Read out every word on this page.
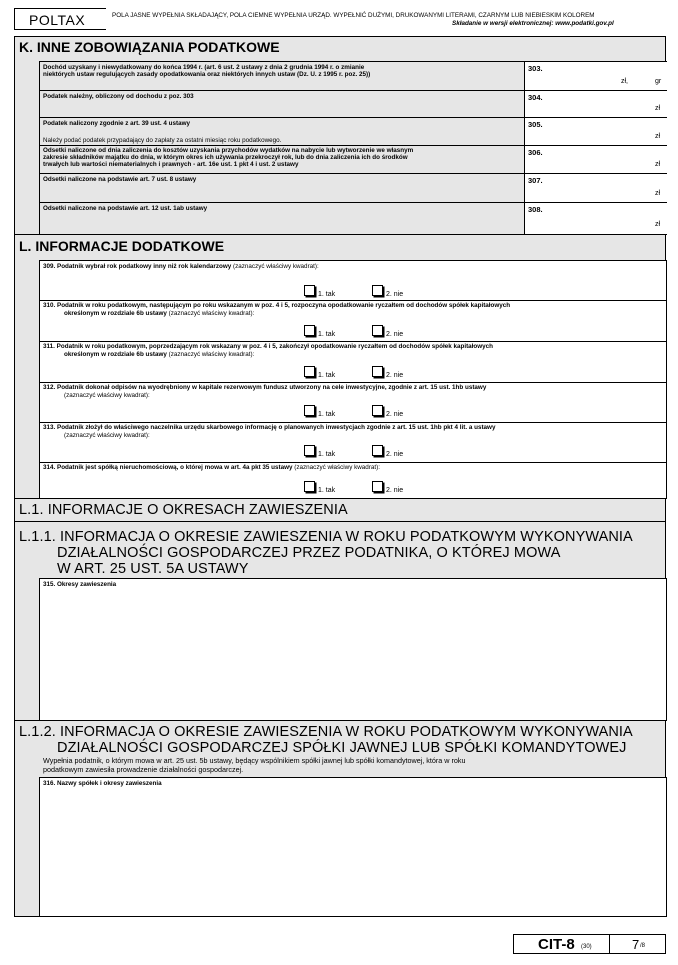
POLTAX	POLA JASNE WYPEŁNIA SKŁADAJĄCY, POLA CIEMNE WYPEŁNIA URZĄD. WYPEŁNIĆ DUŻYMI, DRUKOWANYMI LITERAMI, CZARNYM LUB NIEBIESKIM KOLOREM
Składanie w wersji elektronicznej: www.podatki.gov.pl
K. INNE ZOBOWIĄZANIA PODATKOWE
Dochód uzyskany i niewydatkowany do końca 1994 r. (art. 6 ust. 2 ustawy z dnia 2 grudnia 1994 r. o zmianie
niektórych ustaw regulujących zasady opodatkowania oraz niektórych innych ustaw (Dz. U. z 1995 r. poz. 25))
303.
zł,	gr
Podatek należny, obliczony od dochodu z poz. 303	304.
zł
Podatek naliczony zgodnie z art. 39 ust. 4 ustawy
Należy podać podatek przypadający do zapłaty za ostatni miesiąc roku podatkowego.
305.
zł
Odsetki naliczone od dnia zaliczenia do kosztów uzyskania przychodów wydatków na nabycie lub wytworzenie we własnym
zakresie składników majątku do dnia, w którym okres ich używania przekroczył rok, lub do dnia zaliczenia ich do środków
trwałych lub wartości niematerialnych i prawnych - art. 16e ust. 1 pkt 4 i ust. 2 ustawy
306.
zł
Odsetki naliczone na podstawie art. 7 ust. 8 ustawy	307.
zł
Odsetki naliczone na podstawie art. 12 ust. 1ab ustawy	308.
zł
L. INFORMACJE DODATKOWE
309. Podatnik wybrał rok podatkowy inny niż rok kalendarzowy (zaznaczyć właściwy kwadrat):
1. tak	2. nie
310. Podatnik w roku podatkowym, następującym po roku wskazanym w poz. 4 i 5, rozpoczyna opodatkowanie ryczałtem od dochodów spółek kapitałowych
określonym w rozdziale 6b ustawy (zaznaczyć właściwy kwadrat):
1. tak	2. nie
311. Podatnik w roku podatkowym, poprzedzającym rok wskazany w poz. 4 i 5, zakończył opodatkowanie ryczałtem od dochodów spółek kapitałowych
określonym w rozdziale 6b ustawy (zaznaczyć właściwy kwadrat):
1. tak	2. nie
312. Podatnik dokonał odpisów na wyodrębniony w kapitale rezerwowym fundusz utworzony na cele inwestycyjne, zgodnie z art. 15 ust. 1hb ustawy
(zaznaczyć właściwy kwadrat):
1. tak	2. nie
313. Podatnik złożył do właściwego naczelnika urzędu skarbowego informację o planowanych inwestycjach zgodnie z art. 15 ust. 1hb pkt 4 lit. a ustawy
(zaznaczyć właściwy kwadrat):
1. tak	2. nie
314. Podatnik jest spółką nieruchomościową, o której mowa w art. 4a pkt 35 ustawy (zaznaczyć właściwy kwadrat):
1. tak	2. nie
L.1. INFORMACJE O OKRESACH ZAWIESZENIA
L.1.1. INFORMACJA O OKRESIE ZAWIESZENIA W ROKU PODATKOWYM WYKONYWANIA
DZIAŁALNOŚCI GOSPODARCZEJ PRZEZ PODATNIKA, O KTÓREJ MOWA
W ART. 25 UST. 5A USTAWY
315. Okresy zawieszenia
L.1.2. INFORMACJA O OKRESIE ZAWIESZENIA W ROKU PODATKOWYM WYKONYWANIA
DZIAŁALNOŚCI GOSPODARCZEJ SPÓŁKI JAWNEJ LUB SPÓŁKI KOMANDYTOWEJ
Wypełnia podatnik, o którym mowa w art. 25 ust. 5b ustawy, będący wspólnikiem spółki jawnej lub spółki komandytowej, która w roku
podatkowym zawiesiła prowadzenie działalności gospodarczej.
316. Nazwy spółek i okresy zawieszenia
CIT-8 (30)	7 /8
